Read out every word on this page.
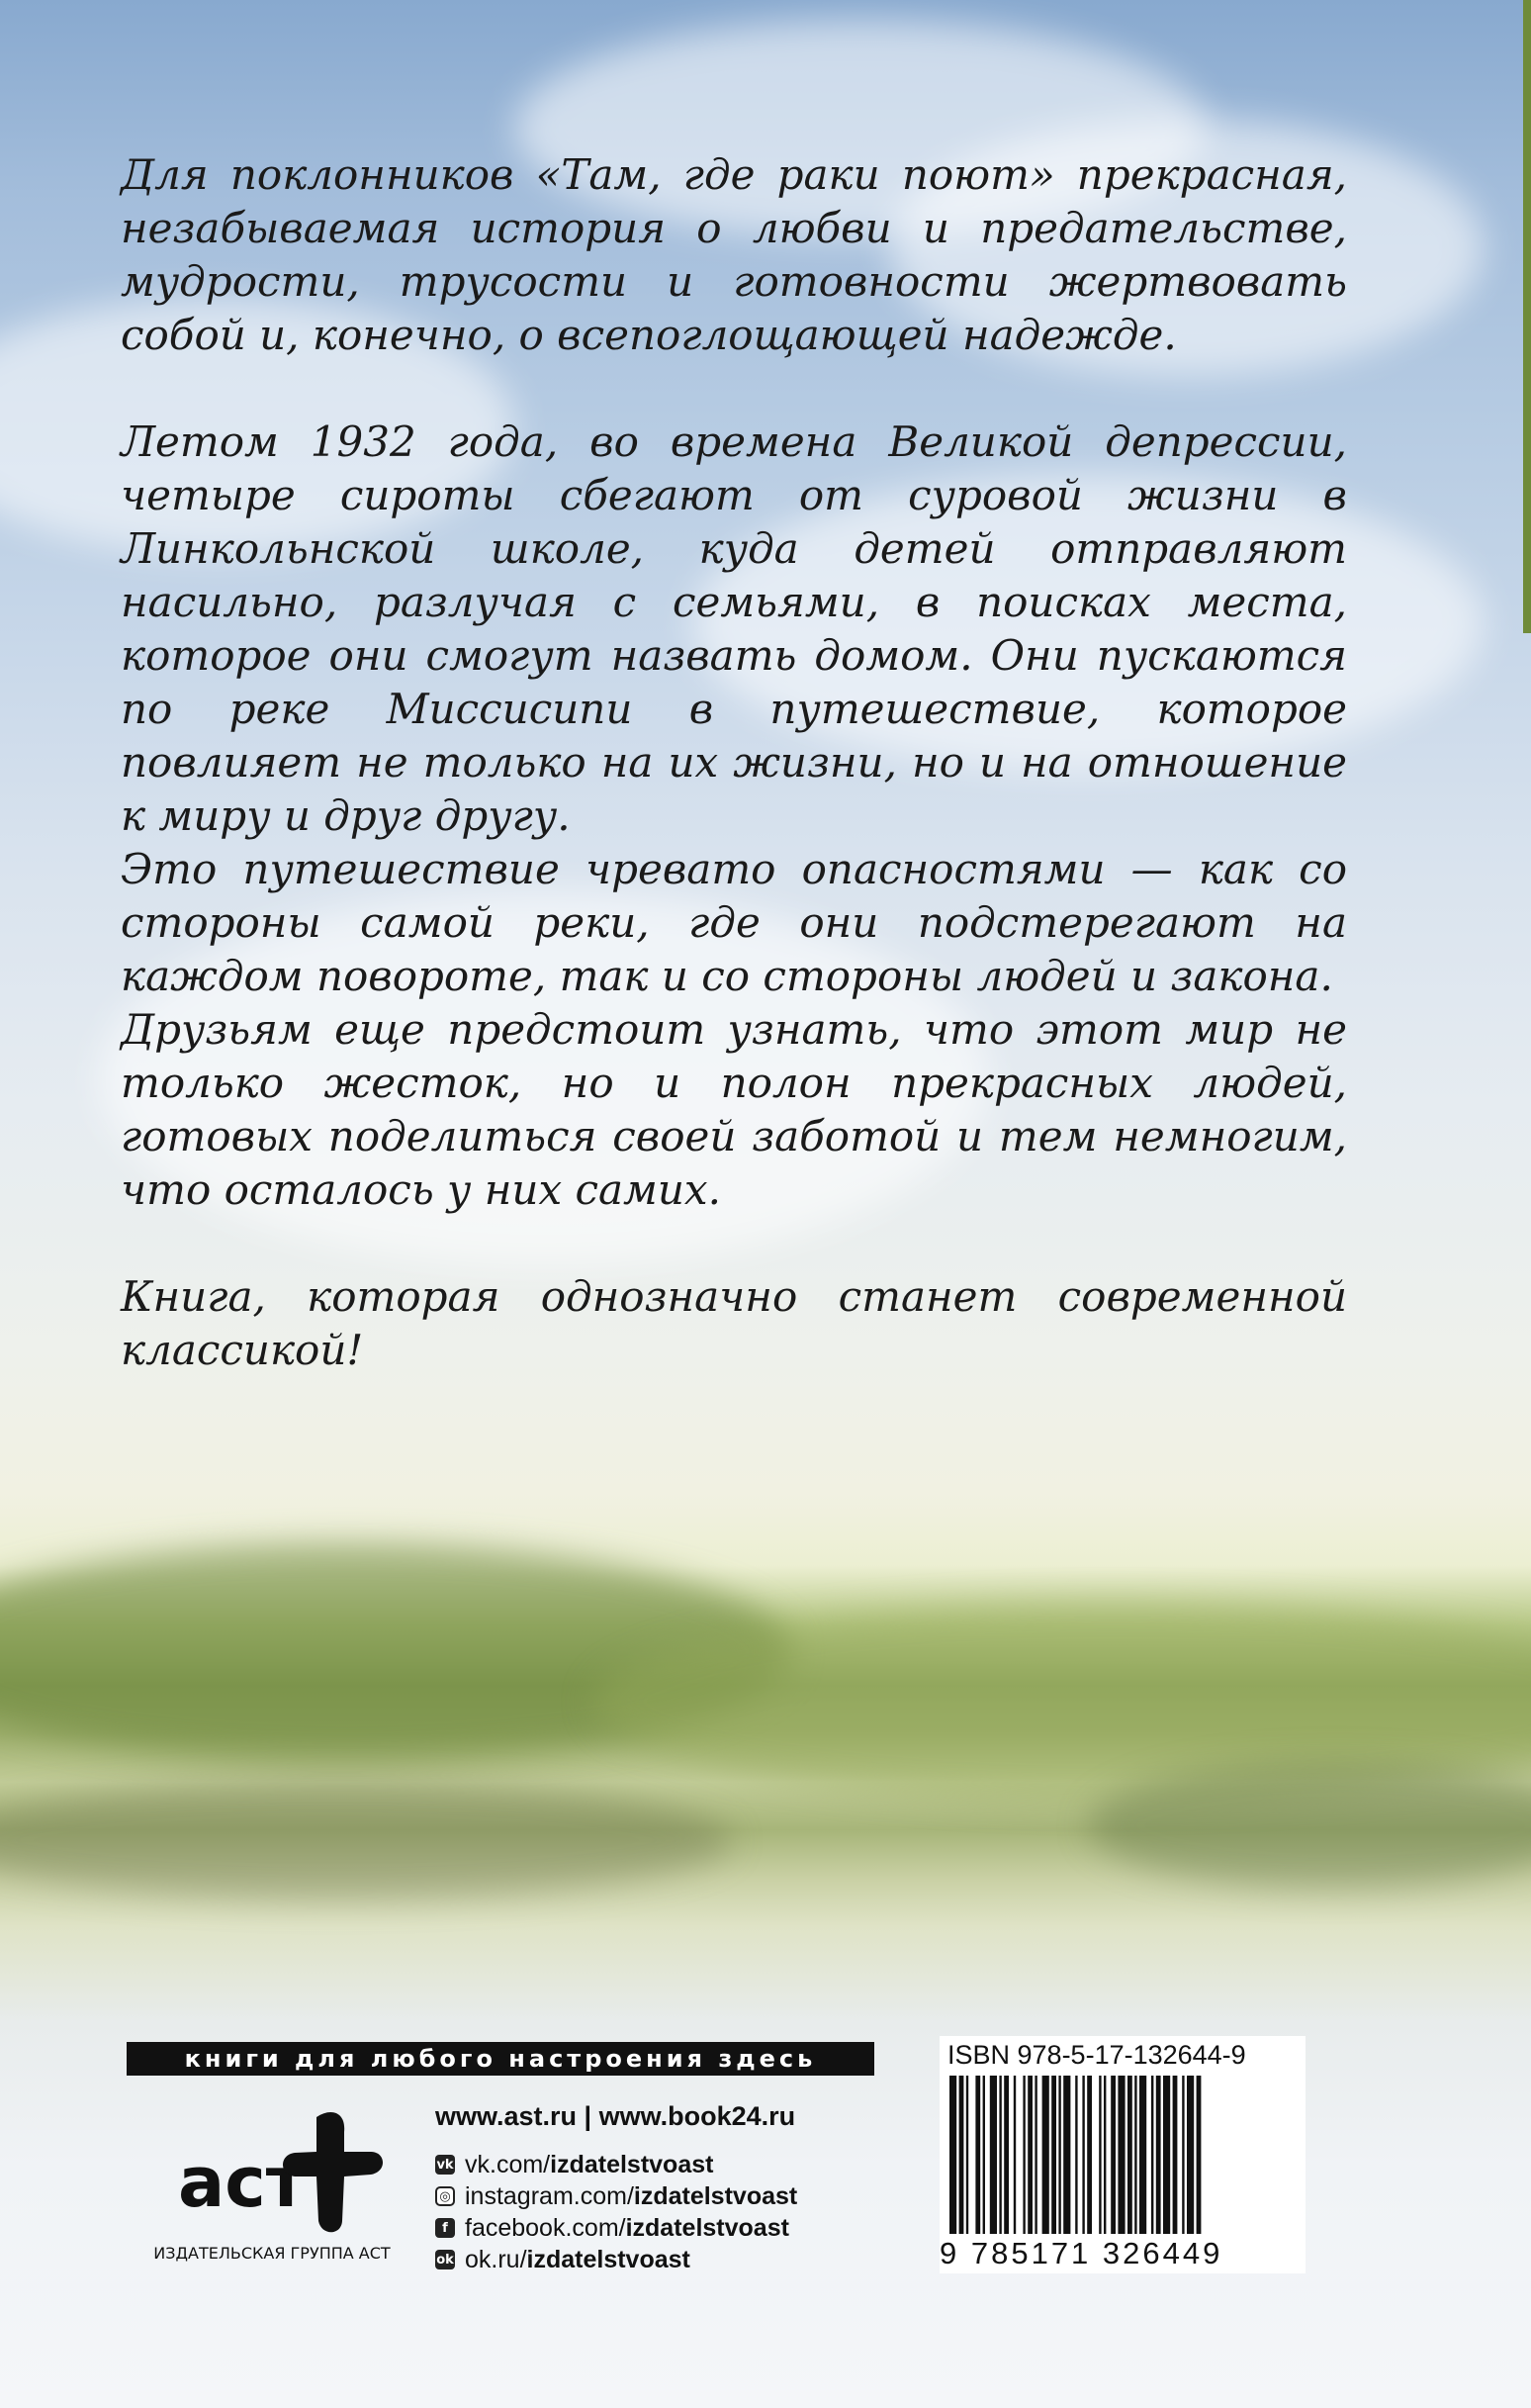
Для поклонников «Там, где раки поют» прекрасная, незабываемая история о любви и предательстве, мудрости, трусости и готовности жертвовать собой и, конечно, о всепоглощающей надежде.

Летом 1932 года, во времена Великой депрессии, четыре сироты сбегают от суровой жизни в Линкольнской школе, куда детей отправляют насильно, разлучая с семьями, в поисках места, которое они смогут назвать домом. Они пускаются по реке Миссисипи в путешествие, которое повлияет не только на их жизни, но и на отношение к миру и друг другу.

Это путешествие чревато опасностями — как со стороны самой реки, где они подстерегают на каждом повороте, так и со стороны людей и закона.

Друзьям еще предстоит узнать, что этот мир не только жесток, но и полон прекрасных людей, готовых поделиться своей заботой и тем немногим, что осталось у них самих.

Книга, которая однозначно станет современной классикой!

книги для любого настроения здесь
аст
ИЗДАТЕЛЬСКАЯ ГРУППА АСТ
www.ast.ru | www.book24.ru
vk vk.com/ izdatelstvoast
◎ instagram.com/ izdatelstvoast
f facebook.com/ izdatelstvoast
ok ok.ru/ izdatelstvoast
ISBN 978-5-17-132644-9
9 785171 326449
